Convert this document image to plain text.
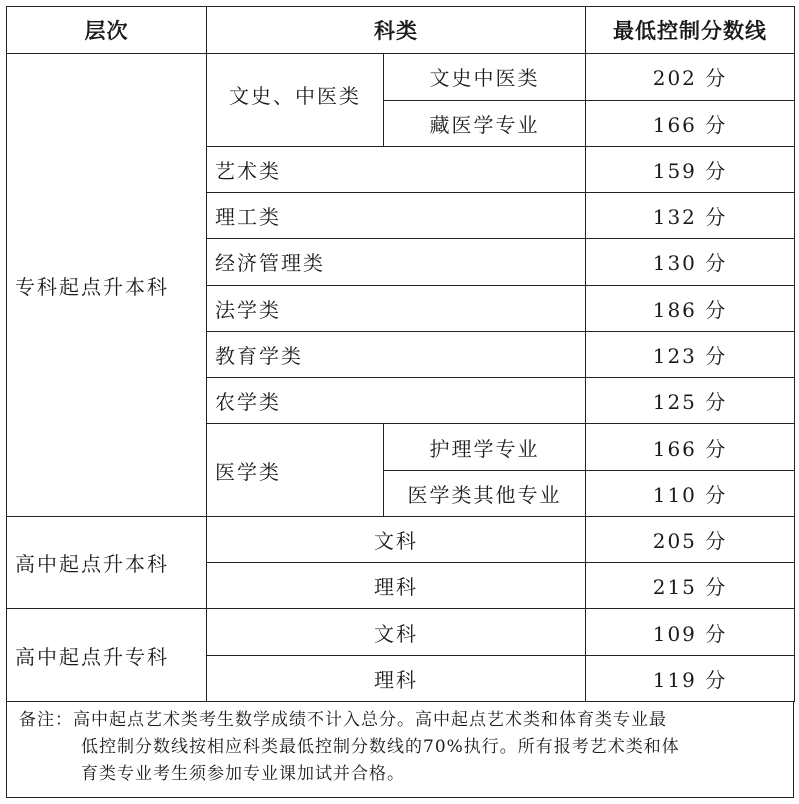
层次	科类		最低控制分数线
专科起点升本科	文史、中医类	文史中医类	202 分
		藏医学专业	166 分
	艺术类		159 分
	理工类		132 分
	经济管理类		130 分
	法学类		186 分
	教育学类		123 分
	农学类		125 分
	医学类	护理学专业	166 分
		医学类其他专业	110 分
高中起点升本科	文科		205 分
	理科		215 分
高中起点升专科	文科		109 分
	理科		119 分
备注：高中起点艺术类考生数学成绩不计入总分。高中起点艺术类和体育类专业最
低控制分数线按相应科类最低控制分数线的70%执行。所有报考艺术类和体
育类专业考生须参加专业课加试并合格。
